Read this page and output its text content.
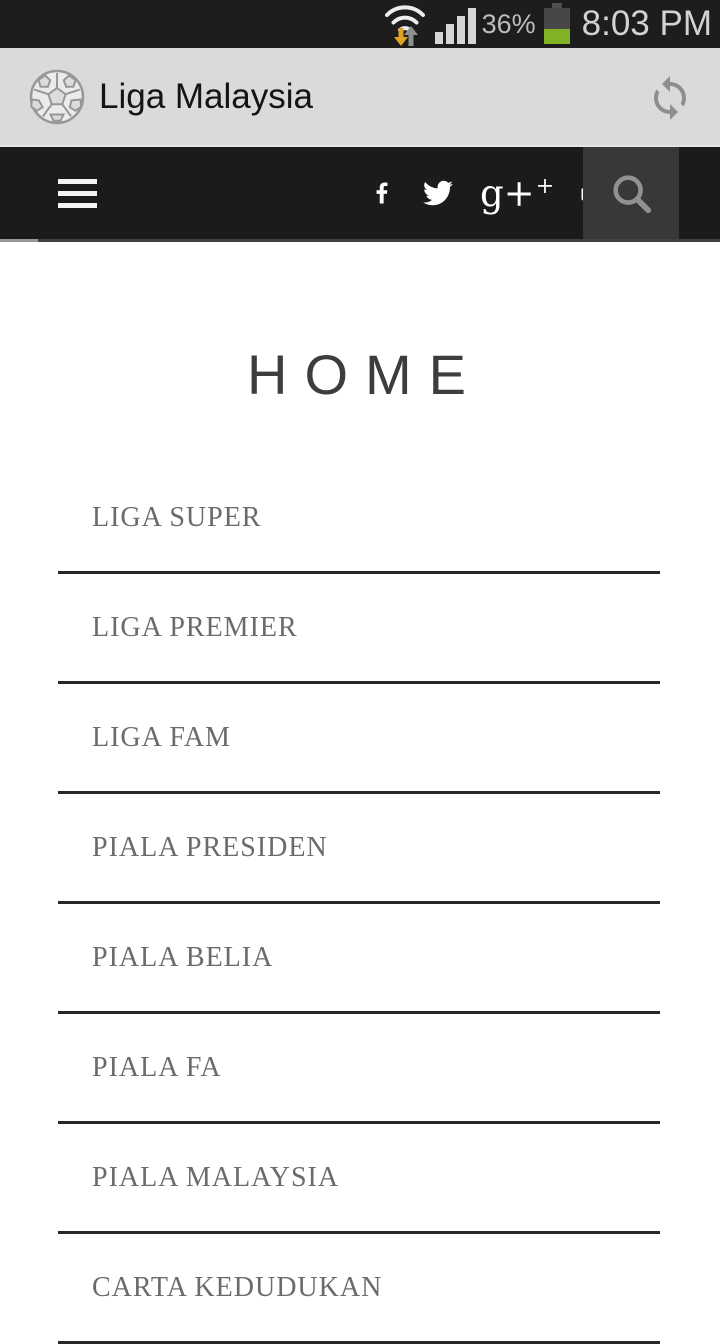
36% 8:03 PM
Liga Malaysia
g++
HOME
LIGA SUPER
LIGA PREMIER
LIGA FAM
PIALA PRESIDEN
PIALA BELIA
PIALA FA
PIALA MALAYSIA
CARTA KEDUDUKAN
